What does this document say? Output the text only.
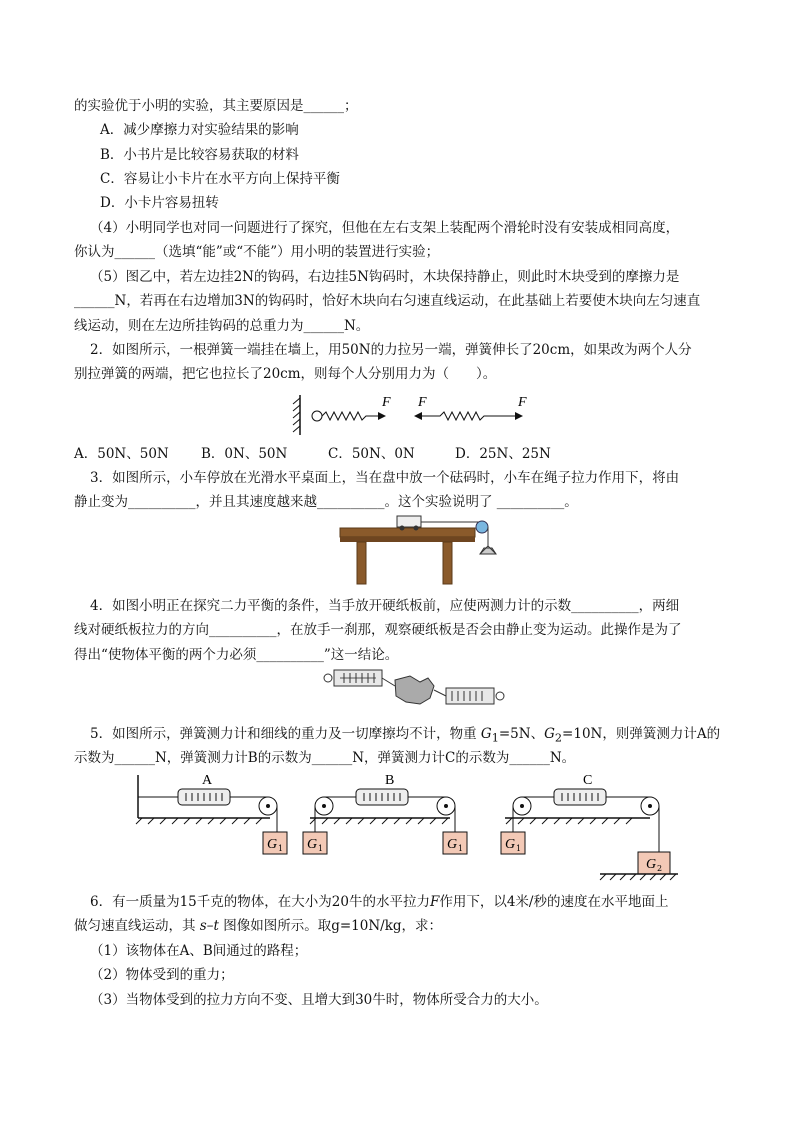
的实验优于小明的实验，其主要原因是______；
A．减少摩擦力对实验结果的影响
B．小书片是比较容易获取的材料
C．容易让小卡片在水平方向上保持平衡
D．小卡片容易扭转
（4）小明同学也对同一问题进行了探究，但他在左右支架上装配两个滑轮时没有安装成相同高度，
你认为______（选填“能”或“不能”）用小明的装置进行实验；
（5）图乙中，若左边挂2N的钩码，右边挂5N钩码时，木块保持静止，则此时木块受到的摩擦力是
______N，若再在右边增加3N的钩码时，恰好木块向右匀速直线运动，在此基础上若要使木块向左匀速直
线运动，则在左边所挂钩码的总重力为______N。
2．如图所示，一根弹簧一端挂在墙上，用50N的力拉另一端，弹簧伸长了20cm，如果改为两个人分
别拉弹簧的两端，把它也拉长了20cm，则每个人分别用力为（　　）。
F F	F
A．50N、50N B．0N、50N	C．50N、0N	D．25N、25N
3．如图所示，小车停放在光滑水平桌面上，当在盘中放一个砝码时，小车在绳子拉力作用下，将由
静止变为__________，并且其速度越来越__________。这个实验说明了 __________。
4．如图小明正在探究二力平衡的条件，当手放开硬纸板前，应使两测力计的示数__________，两细
线对硬纸板拉力的方向__________，在放手一刹那，观察硬纸板是否会由静止变为运动。此操作是为了
得出“使物体平衡的两个力必须__________”这一结论。
5．如图所示，弹簧测力计和细线的重力及一切摩擦均不计，物重 $G_1=5N$、$G_2=10N$，则弹簧测力计A的
示数为______N，弹簧测力计B的示数为______N，弹簧测力计C的示数为______N。
A
G 1
B
G 1	G 1
C
G 2
G 1
6．有一质量为15千克的物体，在大小为20牛的水平拉力F作用下，以4米/秒的速度在水平地面上
做匀速直线运动，其 s–t 图像如图所示。取g=10N/kg，求：
（1）该物体在A、B间通过的路程；
（2）物体受到的重力；
（3）当物体受到的拉力方向不变、且增大到30牛时，物体所受合力的大小。
